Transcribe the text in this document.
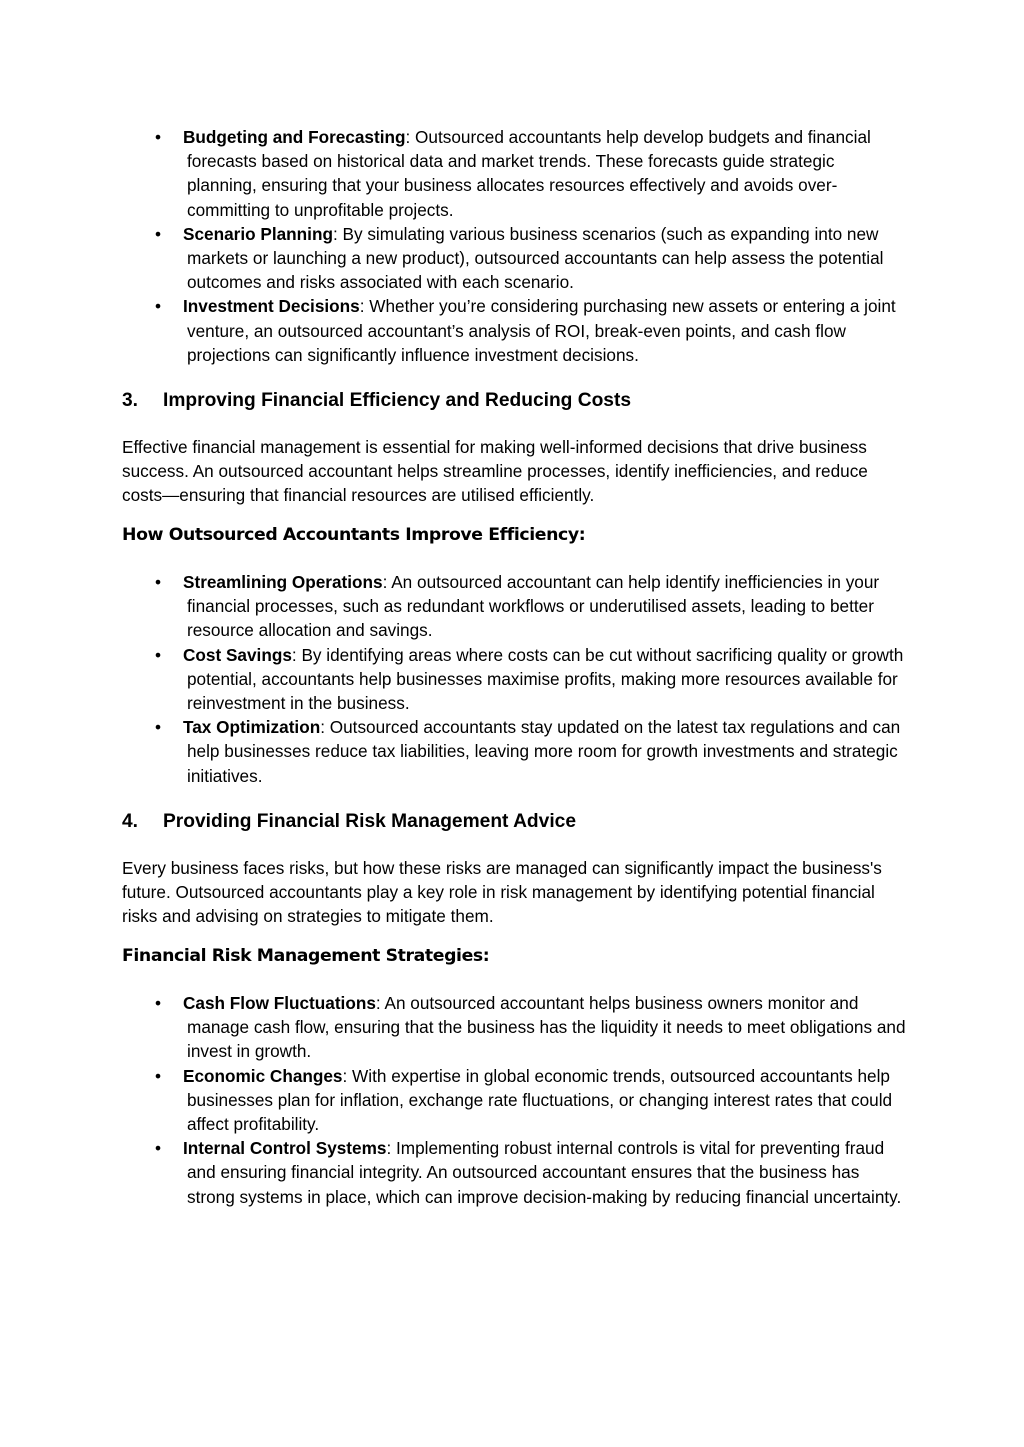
• Budgeting and Forecasting: Outsourced accountants help develop budgets and financial forecasts based on historical data and market trends. These forecasts guide strategic planning, ensuring that your business allocates resources effectively and avoids over-committing to unprofitable projects.
• Scenario Planning: By simulating various business scenarios (such as expanding into new markets or launching a new product), outsourced accountants can help assess the potential outcomes and risks associated with each scenario.
• Investment Decisions: Whether you’re considering purchasing new assets or entering a joint venture, an outsourced accountant’s analysis of ROI, break-even points, and cash flow projections can significantly influence investment decisions.
3. Improving Financial Efficiency and Reducing Costs

Effective financial management is essential for making well-informed decisions that drive business success. An outsourced accountant helps streamline processes, identify inefficiencies, and reduce costs—ensuring that financial resources are utilised efficiently.

How Outsourced Accountants Improve Efficiency:
• Streamlining Operations: An outsourced accountant can help identify inefficiencies in your financial processes, such as redundant workflows or underutilised assets, leading to better resource allocation and savings.
• Cost Savings: By identifying areas where costs can be cut without sacrificing quality or growth potential, accountants help businesses maximise profits, making more resources available for reinvestment in the business.
• Tax Optimization: Outsourced accountants stay updated on the latest tax regulations and can help businesses reduce tax liabilities, leaving more room for growth investments and strategic initiatives.
4. Providing Financial Risk Management Advice

Every business faces risks, but how these risks are managed can significantly impact the business's future. Outsourced accountants play a key role in risk management by identifying potential financial risks and advising on strategies to mitigate them.

Financial Risk Management Strategies:
• Cash Flow Fluctuations: An outsourced accountant helps business owners monitor and manage cash flow, ensuring that the business has the liquidity it needs to meet obligations and invest in growth.
• Economic Changes: With expertise in global economic trends, outsourced accountants help businesses plan for inflation, exchange rate fluctuations, or changing interest rates that could affect profitability.
• Internal Control Systems: Implementing robust internal controls is vital for preventing fraud and ensuring financial integrity. An outsourced accountant ensures that the business has strong systems in place, which can improve decision-making by reducing financial uncertainty.
